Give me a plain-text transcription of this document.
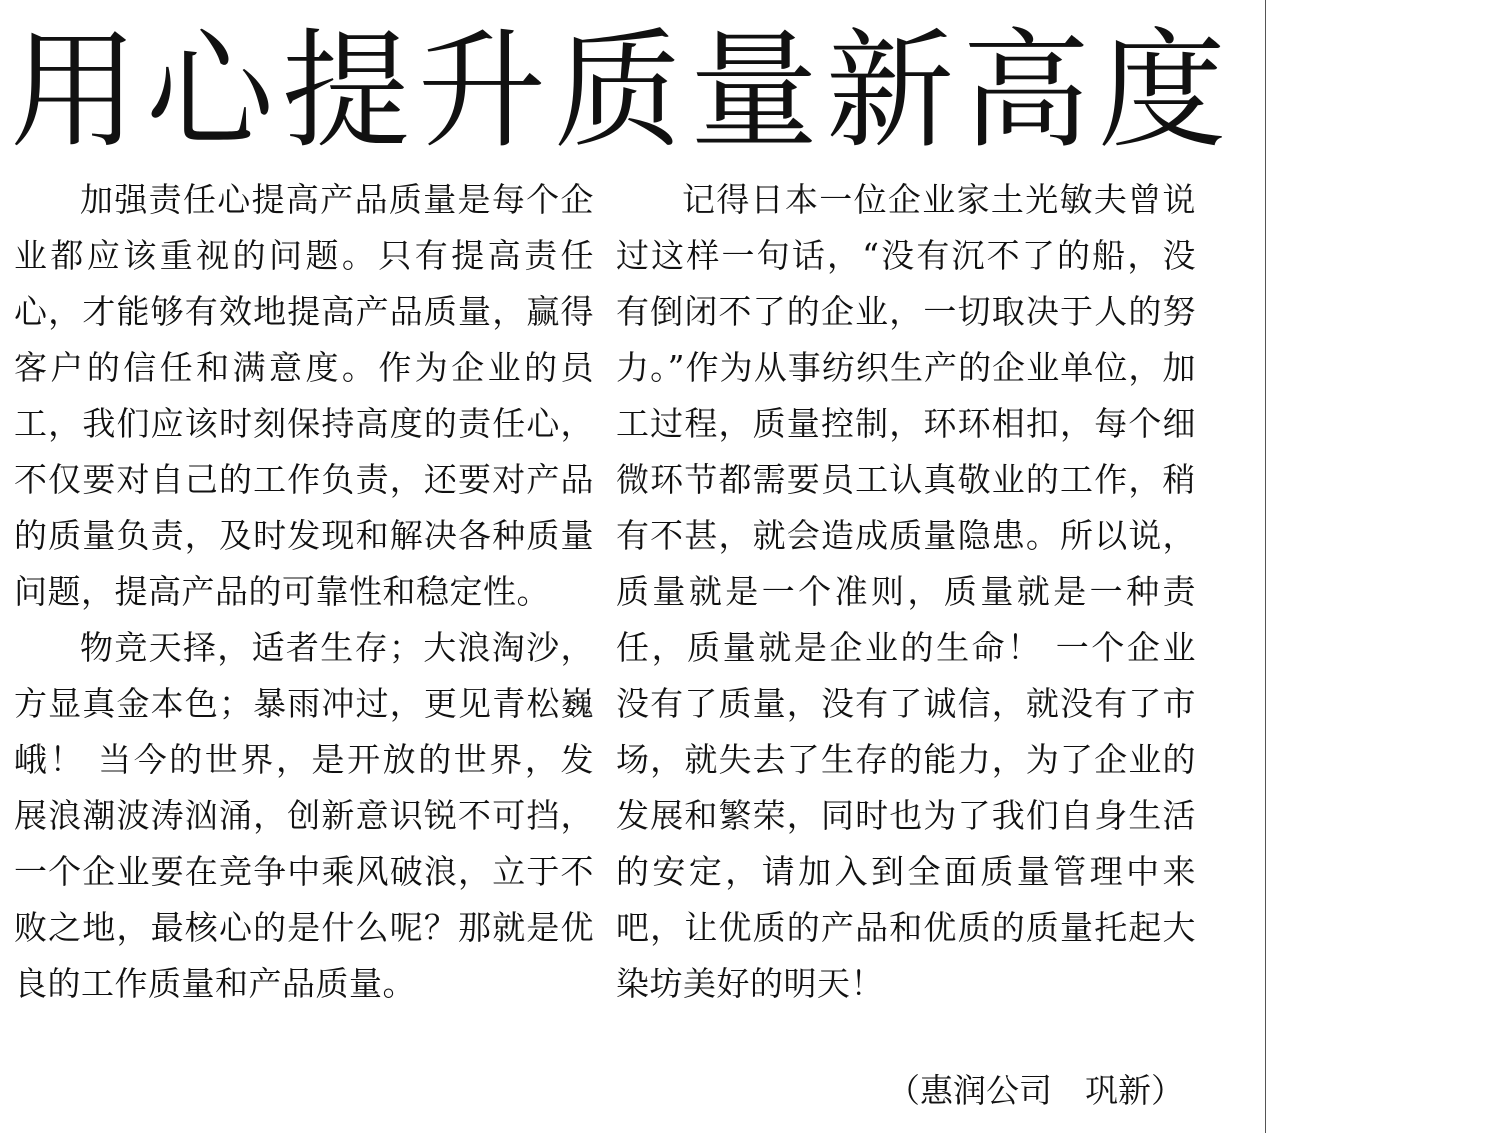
用心提升质量新高度

加强责任心提高产品质量是每个企业都应该重视的问题。只有提高责任心，才能够有效地提高产品质量，赢得客户的信任和满意度。作为企业的员工，我们应该时刻保持高度的责任心，不仅要对自己的工作负责，还要对产品的质量负责，及时发现和解决各种质量问题，提高产品的可靠性和稳定性。

物竞天择，适者生存；大浪淘沙，方显真金本色；暴雨冲过，更见青松巍峨！ 当今的世界，是开放的世界，发展浪潮波涛汹涌，创新意识锐不可挡，一个企业要在竞争中乘风破浪，立于不败之地，最核心的是什么呢？那就是优良的工作质量和产品质量。

记得日本一位企业家土光敏夫曾说过这样一句话，“没有沉不了的船，没有倒闭不了的企业，一切取决于人的努力。”作为从事纺织生产的企业单位，加工过程，质量控制，环环相扣，每个细微环节都需要员工认真敬业的工作，稍有不甚，就会造成质量隐患。所以说，质量就是一个准则，质量就是一种责任，质量就是企业的生命！ 一个企业没有了质量，没有了诚信，就没有了市场，就失去了生存的能力，为了企业的发展和繁荣，同时也为了我们自身生活的安定，请加入到全面质量管理中来吧，让优质的产品和优质的质量托起大染坊美好的明天！

（惠润公司　巩新）
